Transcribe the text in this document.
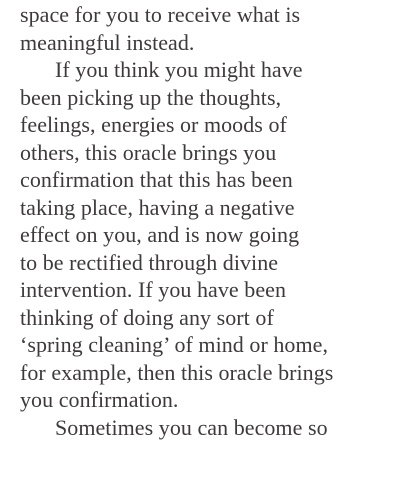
space for you to receive what is
meaningful instead.
If you think you might have
been picking up the thoughts,
feelings, energies or moods of
others, this oracle brings you
confirmation that this has been
taking place, having a negative
effect on you, and is now going
to be rectified through divine
intervention. If you have been
thinking of doing any sort of
‘spring cleaning’ of mind or home,
for example, then this oracle brings
you confirmation.
Sometimes you can become so
